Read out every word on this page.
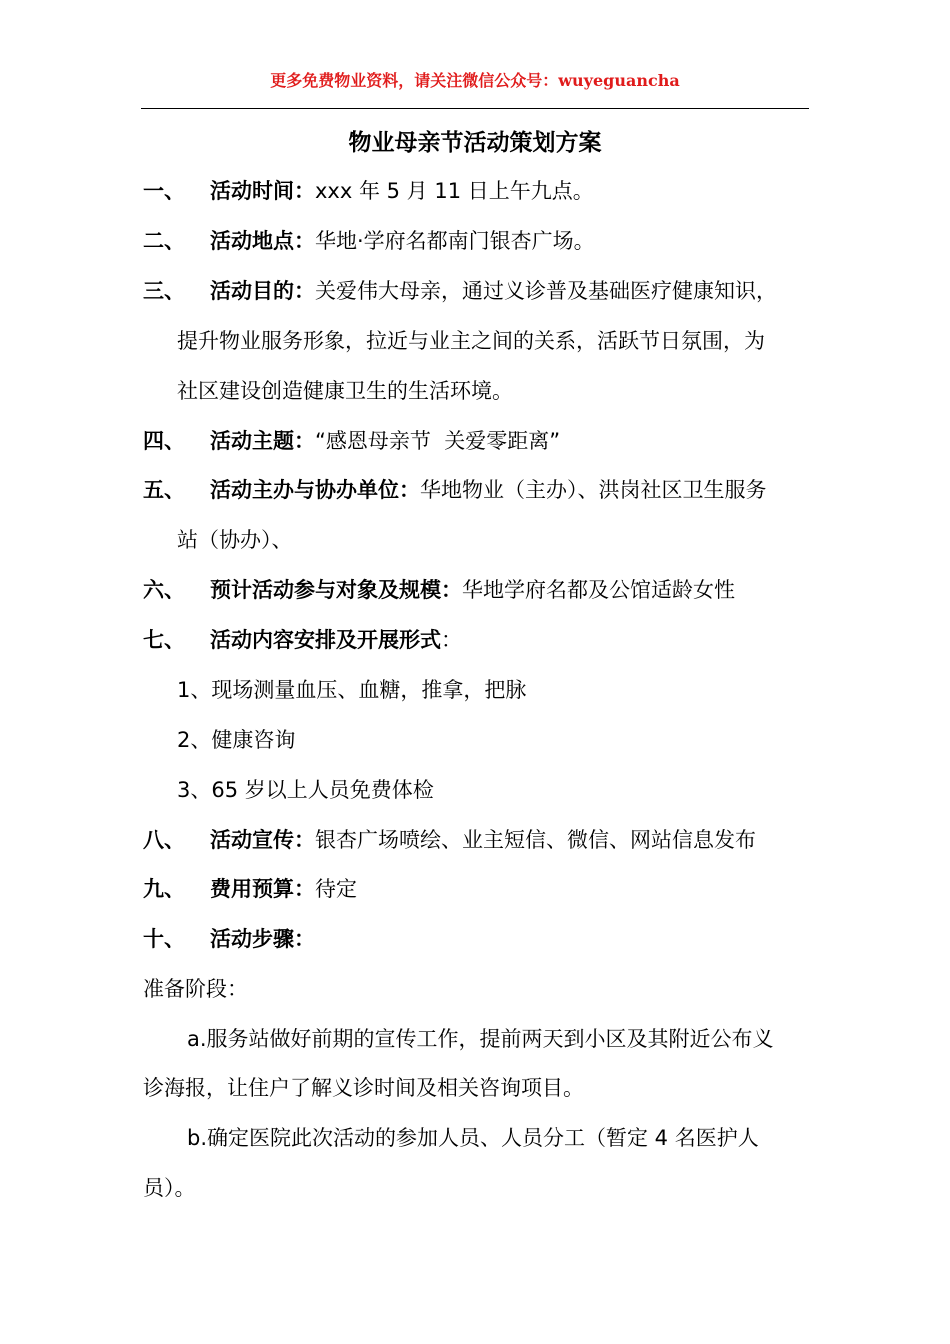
更多免费物业资料，请关注微信公众号：wuyeguancha
物业母亲节活动策划方案
一、 活动时间：xxx 年 5 月 11 日上午九点。
二、 活动地点：华地·学府名都南门银杏广场。
三、 活动目的：关爱伟大母亲，通过义诊普及基础医疗健康知识，
提升物业服务形象，拉近与业主之间的关系，活跃节日氛围，为
社区建设创造健康卫生的生活环境。
四、 活动主题：“感恩母亲节  关爱零距离”
五、 活动主办与协办单位：华地物业（主办）、洪岗社区卫生服务
站（协办）、
六、 预计活动参与对象及规模：华地学府名都及公馆适龄女性
七、 活动内容安排及开展形式：
1、现场测量血压、血糖，推拿，把脉
2、健康咨询
3、65 岁以上人员免费体检
八、 活动宣传：银杏广场喷绘、业主短信、微信、网站信息发布
九、 费用预算：待定
十、 活动步骤：
准备阶段：
a.服务站做好前期的宣传工作，提前两天到小区及其附近公布义
诊海报，让住户了解义诊时间及相关咨询项目。
b.确定医院此次活动的参加人员、人员分工（暂定 4 名医护人
员）。
